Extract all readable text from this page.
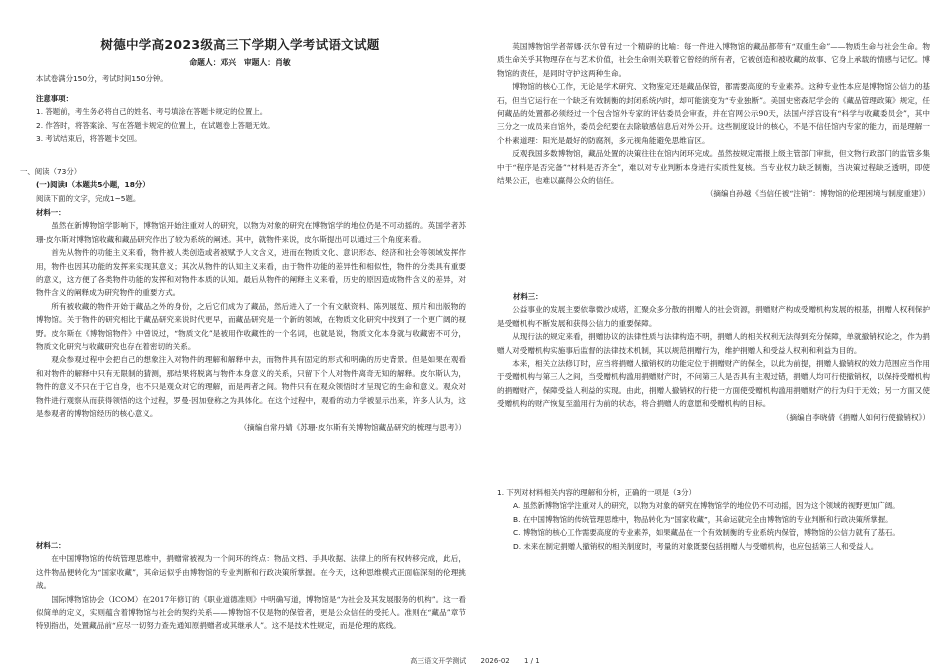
树德中学高2023级高三下学期入学考试语文试题
命题人：邓兴　审题人：肖敏
本试卷满分150分，考试时间150分钟。

注意事项：

1. 答题前，考生务必将自己的姓名、考号填涂在答题卡规定的位置上。

2. 作答时，将答案涂、写在答题卡规定的位置上，在试题卷上答题无效。

3. 考试结束后，将答题卡交回。

一、阅读（73分）

(一)阅读Ⅰ（本题共5小题，18分）

阅读下面的文字，完成1~5题。

材料一：

虽然在新博物馆学影响下，博物馆开始注重对人的研究，以物为对象的研究在博物馆学的地位仍是不可动摇的。英国学者苏珊·皮尔斯对博物馆收藏和藏品研究作出了较为系统的阐述。其中，就物件来说，皮尔斯提出可以通过三个角度来看。

首先从物件的功能主义来看，物件被人类创造或者被赋予人文含义，进而在物质文化、意识形态、经济和社会等领域发挥作用，物件也因其功能的发挥来实现其意义；其次从物件的认知主义来看，由于物件功能的差异性和相似性，物件的分类具有重要的意义，这方便了各类物件功能的发挥和对物件本质的认知。最后从物件的阐释主义来看，历史的原因造成物件含义的差异，对物件含义的阐释成为研究物件的重要方式。

所有被收藏的物件开始于藏品之外的身份，之后它们成为了藏品，然后进入了一个有文献资料、陈列展览、照片和出版物的博物馆。关于物件的研究相比于藏品研究来说时代更早，而藏品研究是一个新的领域，在物质文化研究中找到了一个更广阔的视野。皮尔斯在《博物馆物件》中曾说过，“物质文化”是被用作收藏性的一个名词，也就是说，物质文化本身就与收藏密不可分，物质文化研究与收藏研究也存在着密切的关系。

观众参观过程中会把自己的想象注入对物件的理解和解释中去，而物件具有固定的形式和明确的历史背景。但是如果在观看和对物件的解释中只有无限制的猜测，那结果将脱离与物件本身意义的关系，只留下个人对物件离奇无知的解释。皮尔斯认为，物件的意义不只在于它自身，也不只是观众对它的理解，而是两者之间。物件只有在观众领悟时才呈现它的生命和意义。观众对物件进行观察从而获得领悟的这个过程，罗曼·因加登称之为具体化。在这个过程中，观看的动力学被显示出来，许多人认为，这是参观者的博物馆经历的核心意义。

（摘编自常丹婧《苏珊·皮尔斯有关博物馆藏品研究的梳理与思考》）

材料二：

在中国博物馆的传统管理思维中，捐赠常被视为一个间环的终点：物品文档、手具收据、法律上的所有权转移完成，此后，这件物品便转化为“国家收藏”，其命运似乎由博物馆的专业判断和行政决策所掌握。在今天，这种思维模式正面临深刻的伦理挑战。

国际博物馆协会（ICOM）在2017年修订的《职业道德准则》中明确写道，博物馆是“为社会及其发展服务的机构”。这一看似简单的定义，实则蕴含着博物馆与社会的契约关系——博物馆不仅是物的保管者，更是公众信任的受托人。准则在“藏品”章节特别指出，处置藏品前“应尽一切努力查先通知原捐赠者或其继承人”。这不是技术性规定，而是伦理的底线。

英国博物馆学者蒂娜·沃尔曾有过一个精辟的比喻：每一件进入博物馆的藏品都带有“双重生命”——物质生命与社会生命。物质生命关乎其物理存在与艺术价值，社会生命则关联着它曾经的所有者，它被创造和被收藏的故事、它身上承载的情感与记忆。博物馆的责任，是同时守护这两种生命。

博物馆的核心工作，无论是学术研究、文物鉴定还是藏品保管，都需要高度的专业素养。这种专业性本应是博物馆公信力的基石，但当它运行在一个缺乏有效制衡的封闭系统内时，却可能演变为“专业独断”。美国史密森尼学会的《藏品管理政策》规定，任何藏品的处置都必须经过一个包含馆外专家的评估委员会审查，并在官网公示90天，法国卢浮宫设有“科学与收藏委员会”，其中三分之一成员来自馆外，委员会纪要在去除敏感信息后对外公开。这些制度设计的核心，不是不信任馆内专家的能力，而是理解一个朴素道理：阳光是最好的防腐剂，多元视角能避免思维盲区。

反观我国多数博物馆，藏品处置的决策往往在馆内闭环完成。虽然按规定需报上级主管部门审批，但文物行政部门的监管多集中于“程序是否完备”“材料是否齐全”，难以对专业判断本身进行实质性复核。当专业权力缺乏制衡，当决策过程缺乏透明，即使结果公正，也难以赢得公众的信任。

（摘编自孙越《当信任被“注销”：博物馆的伦理困境与制度重建》）

材料三：

公益事业的发展主要依靠微沙成塔，汇聚众多分散的捐赠人的社会资源，捐赠财产构成受赠机构发展的根基，捐赠人权利保护是受赠机构不断发展和获得公信力的重要保障。

从现行法的规定来看，捐赠协议的法律性质与法律构造不明，捐赠人的相关权利无法得到充分保障，单就撤销权论之，作为捐赠人对受赠机构实施事后监督的法律技术机制，其以规范捐赠行为，维护捐赠人和受益人权利和利益为目的。

本来，相关立法修订时，应当将捐赠人撤销权的功能定位于捐赠财产的保全，以此为前提，捐赠人撤销权的效力范围应当作用于受赠机构与第三人之间，当受赠机构滥用捐赠财产时，不问第三人是否具有主观过错，捐赠人均可行使撤销权，以保持受赠机构的捐赠财产，保障受益人利益的实现。由此，捐赠人撤销权的行使一方面使受赠机构滥用捐赠财产的行为归于无效；另一方面又使受赠机构的财产恢复至滥用行为前的状态，将合捐赠人的意愿和受赠机构的目标。

（摘编自李晓倩《捐赠人如何行使撤销权》）

1. 下列对材料相关内容的理解和分析，正确的一项是（3分）

A. 虽然新博物馆学注重对人的研究，以物为对象的研究在博物馆学的地位仍不可动摇，因为这个领域的视野更加广阔。

B. 在中国博物馆的传统管理思维中，物品转化为“国家收藏”，其命运就完全由博物馆的专业判断和行政决策所掌握。

C. 博物馆的核心工作需要高度的专业素养，如果藏品在一个有效制衡的专业系统内保管，博物馆的公信力就有了基石。

D. 未来在制定捐赠人撤销权的相关制度时，考量的对象既要包括捐赠人与受赠机构，也应包括第三人和受益人。

高三语文开学测试 2026-02 1 / 1
